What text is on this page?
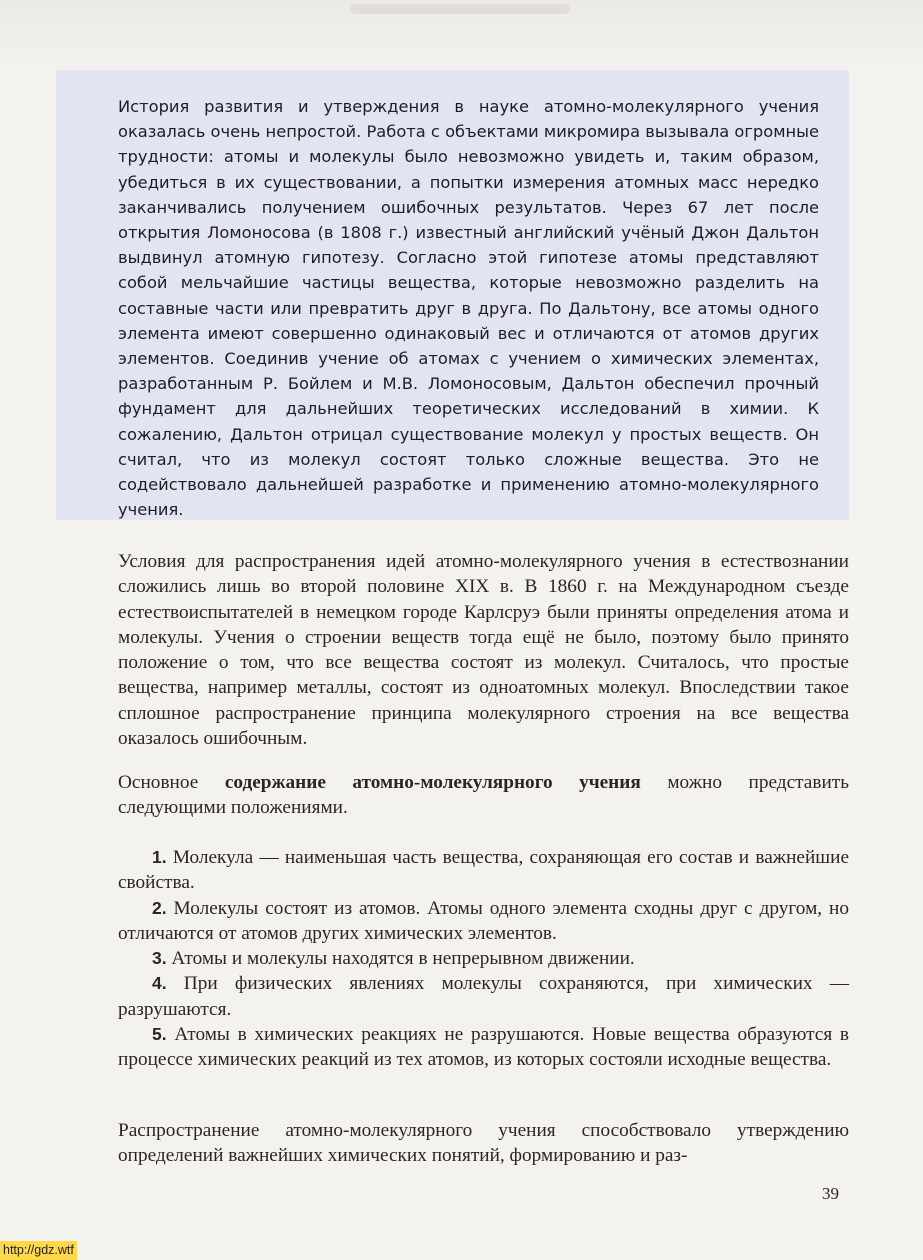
История развития и утверждения в науке атомно-молекулярного учения оказалась очень непростой. Работа с объектами микромира вызывала огромные трудности: атомы и молекулы было невозможно увидеть и, таким образом, убедиться в их существовании, а попытки измерения атомных масс нередко заканчивались получением ошибочных результатов. Через 67 лет после открытия Ломоносова (в 1808 г.) известный английский учёный Джон Дальтон выдвинул атомную гипотезу. Согласно этой гипотезе атомы представляют собой мельчайшие частицы вещества, которые невозможно разделить на составные части или превратить друг в друга. По Дальтону, все атомы одного элемента имеют совершенно одинаковый вес и отличаются от атомов других элементов. Соединив учение об атомах с учением о химических элементах, разработанным Р. Бойлем и М.В. Ломоносовым, Дальтон обеспечил прочный фундамент для дальнейших теоретических исследований в химии. К сожалению, Дальтон отрицал существование молекул у простых веществ. Он считал, что из молекул состоят только сложные вещества. Это не содействовало дальнейшей разработке и применению атомно-молекулярного учения.

Условия для распространения идей атомно-молекулярного учения в естествознании сложились лишь во второй половине XIX в. В 1860 г. на Международном съезде естествоиспытателей в немецком городе Карлсруэ были приняты определения атома и молекулы. Учения о строении веществ тогда ещё не было, поэтому было принято положение о том, что все вещества состоят из молекул. Считалось, что простые вещества, например металлы, состоят из одноатомных молекул. Впоследствии такое сплошное распространение принципа молекулярного строения на все вещества оказалось ошибочным.

Основное содержание атомно-молекулярного учения можно представить следующими положениями.

1. Молекула — наименьшая часть вещества, сохраняющая его состав и важнейшие свойства.
2. Молекулы состоят из атомов. Атомы одного элемента сходны друг с другом, но отличаются от атомов других химических элементов.
3. Атомы и молекулы находятся в непрерывном движении.
4. При физических явлениях молекулы сохраняются, при химических — разрушаются.
5. Атомы в химических реакциях не разрушаются. Новые вещества образуются в процессе химических реакций из тех атомов, из которых состояли исходные вещества.

Распространение атомно-молекулярного учения способствовало утверждению определений важнейших химических понятий, формированию и раз-

39
http://gdz.wtf
